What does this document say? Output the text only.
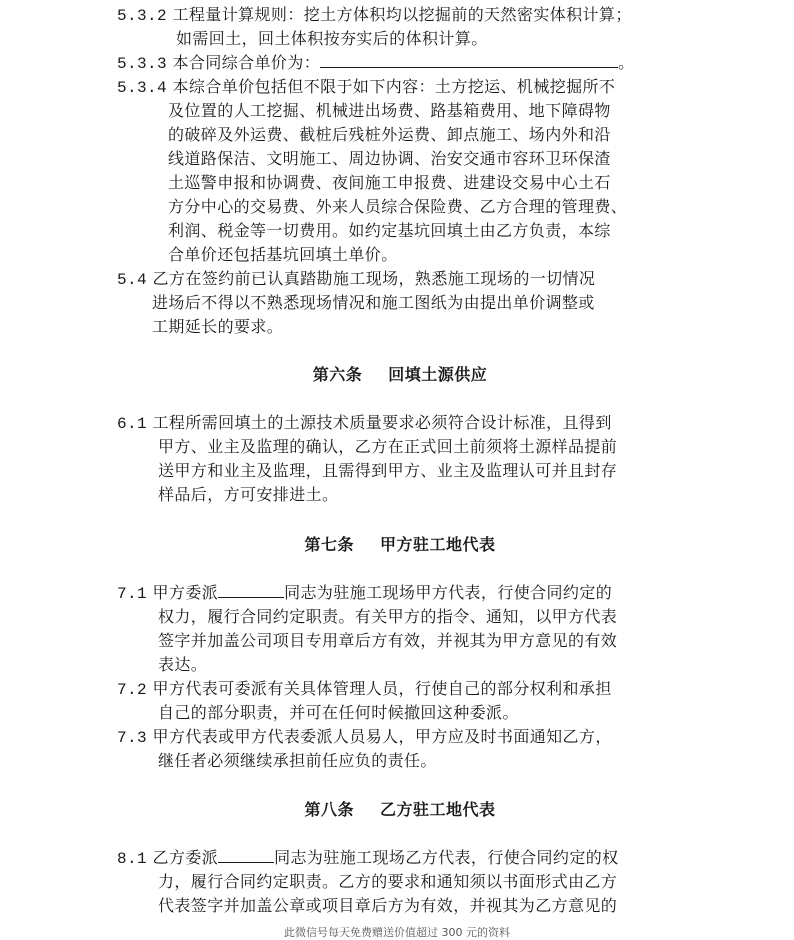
5.3.2 工程量计算规则：挖土方体积均以挖掘前的天然密实体积计算；
如需回土，回土体积按夯实后的体积计算。
5.3.3 本合同综合单价为：	。
5.3.4 本综合单价包括但不限于如下内容：土方挖运、机械挖掘所不
及位置的人工挖掘、机械进出场费、路基箱费用、地下障碍物
的破碎及外运费、截桩后残桩外运费、卸点施工、场内外和沿
线道路保洁、文明施工、周边协调、治安交通市容环卫环保渣
土巡警申报和协调费、夜间施工申报费、进建设交易中心土石
方分中心的交易费、外来人员综合保险费、乙方合理的管理费、
利润、税金等一切费用。如约定基坑回填土由乙方负责，本综
合单价还包括基坑回填土单价。
5.4 乙方在签约前已认真踏勘施工现场，熟悉施工现场的一切情况
进场后不得以不熟悉现场情况和施工图纸为由提出单价调整或
工期延长的要求。
第六条 回填土源供应
6.1 工程所需回填土的土源技术质量要求必须符合设计标准，且得到
甲方、业主及监理的确认，乙方在正式回土前须将土源样品提前
送甲方和业主及监理，且需得到甲方、业主及监理认可并且封存
样品后，方可安排进土。
第七条 甲方驻工地代表
7.1 甲方委派	同志为驻施工现场甲方代表，行使合同约定的
权力，履行合同约定职责。有关甲方的指令、通知，以甲方代表
签字并加盖公司项目专用章后方有效，并视其为甲方意见的有效
表达。
7.2 甲方代表可委派有关具体管理人员，行使自己的部分权利和承担
自己的部分职责，并可在任何时候撤回这种委派。
7.3 甲方代表或甲方代表委派人员易人，甲方应及时书面通知乙方，
继任者必须继续承担前任应负的责任。
第八条 乙方驻工地代表
8.1 乙方委派	同志为驻施工现场乙方代表，行使合同约定的权
力，履行合同约定职责。乙方的要求和通知须以书面形式由乙方
代表签字并加盖公章或项目章后方为有效，并视其为乙方意见的
此微信号每天免费赠送价值超过 300 元的资料
